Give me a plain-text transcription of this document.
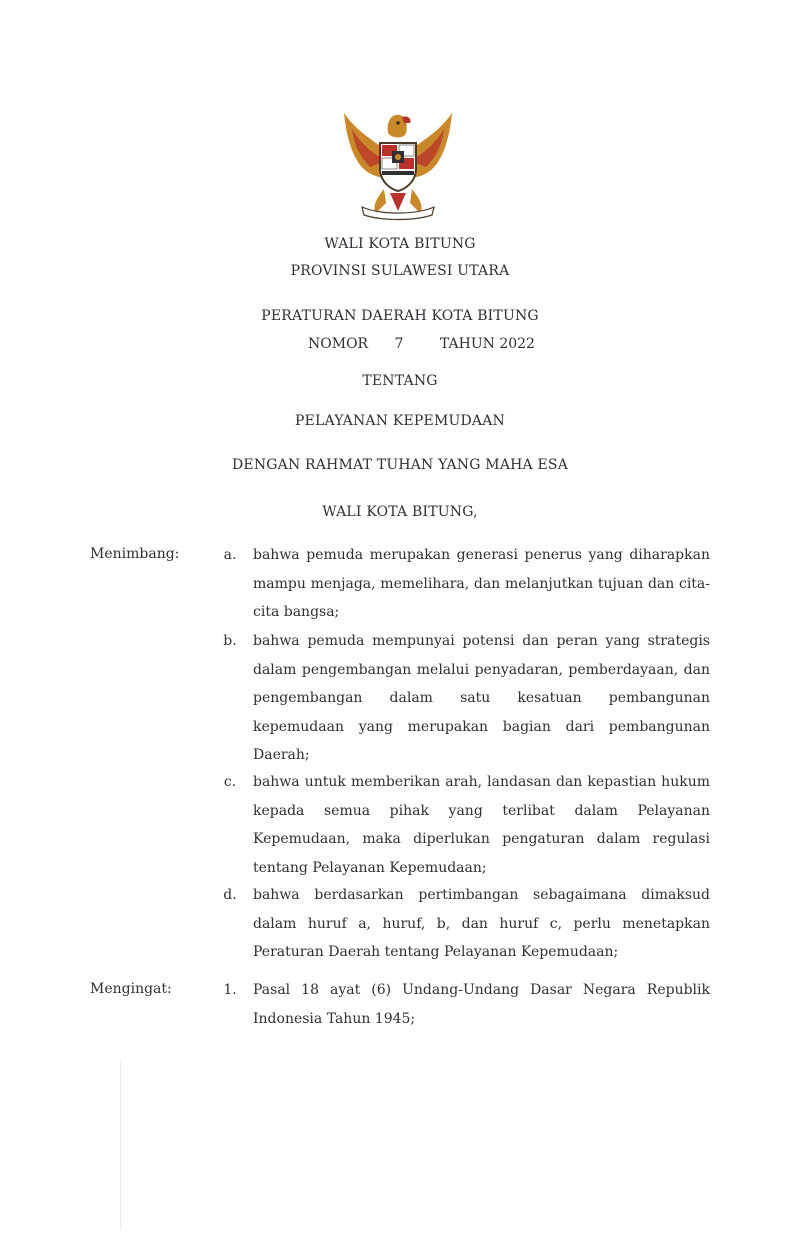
WALI KOTA BITUNG
PROVINSI SULAWESI UTARA
PERATURAN DAERAH KOTA BITUNG
NOMOR 7	TAHUN 2022
TENTANG
PELAYANAN KEPEMUDAAN
DENGAN RAHMAT TUHAN YANG MAHA ESA
WALI KOTA BITUNG,
Menimbang:	a.	bahwa pemuda merupakan generasi penerus yang diharapkan mampu menjaga, memelihara, dan melanjutkan tujuan dan cita-cita bangsa;
b.	bahwa pemuda mempunyai potensi dan peran yang strategis dalam pengembangan melalui penyadaran, pemberdayaan, dan pengembangan dalam satu kesatuan pembangunan kepemudaan yang merupakan bagian dari pembangunan Daerah;
c.	bahwa untuk memberikan arah, landasan dan kepastian hukum kepada semua pihak yang terlibat dalam Pelayanan Kepemudaan, maka diperlukan pengaturan dalam regulasi tentang Pelayanan Kepemudaan;
d.	bahwa berdasarkan pertimbangan sebagaimana dimaksud dalam huruf a, huruf, b, dan huruf c, perlu menetapkan Peraturan Daerah tentang Pelayanan Kepemudaan;
Mengingat:	1.	Pasal 18 ayat (6) Undang-Undang Dasar Negara Republik Indonesia Tahun 1945;
